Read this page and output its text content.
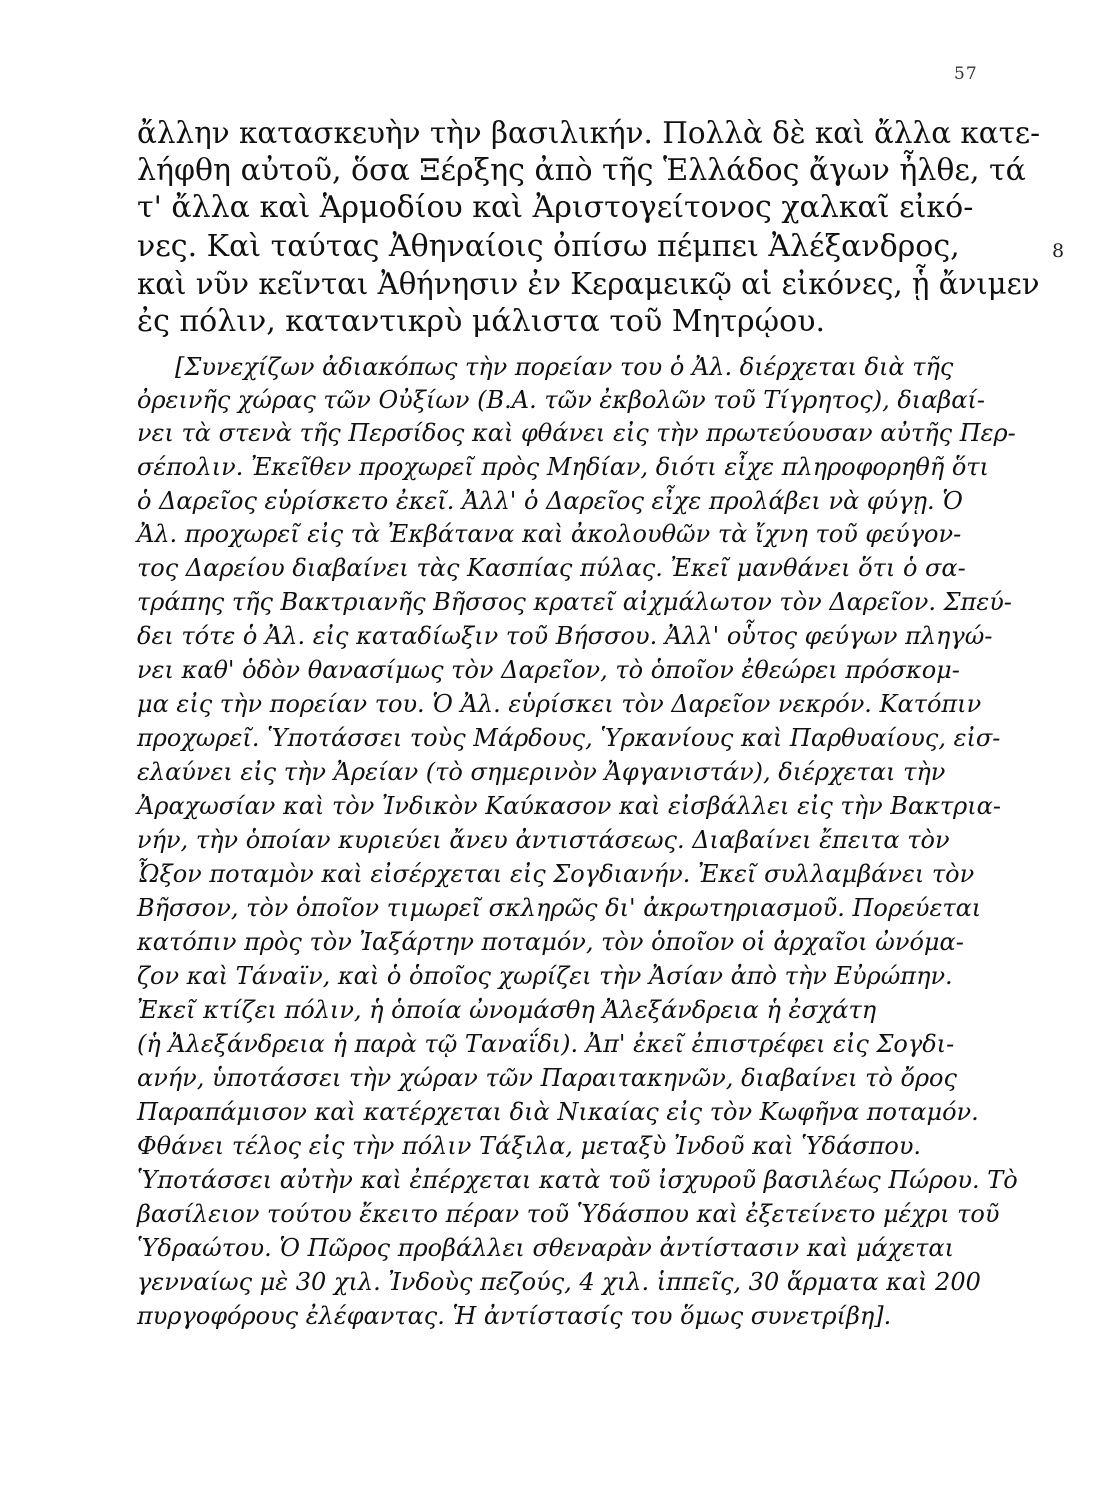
57
ἄλλην κατασκευὴν τὴν βασιλικήν. Πολλὰ δὲ καὶ ἄλλα κατε-
λήφθη αὐτοῦ, ὅσα Ξέρξης ἀπὸ τῆς Ἑλλάδος ἄγων ἦλθε, τά
τ' ἄλλα καὶ Ἁρμοδίου καὶ Ἀριστογείτονος χαλκαῖ εἰκό-
νες. Καὶ ταύτας Ἀθηναίοις ὀπίσω πέμπει Ἀλέξανδρος,
καὶ νῦν κεῖνται Ἀθήνησιν ἐν Κεραμεικῷ αἱ εἰκόνες, ᾗ ἄνιμεν
ἐς πόλιν, καταντικρὺ μάλιστα τοῦ Μητρῴου.
8
[Συνεχίζων ἀδιακόπως τὴν πορείαν του ὁ Ἀλ. διέρχεται διὰ τῆς
ὀρεινῆς χώρας τῶν Οὐξίων (Β.Α. τῶν ἐκβολῶν τοῦ Τίγρητος), διαβαί-
νει τὰ στενὰ τῆς Περσίδος καὶ φθάνει εἰς τὴν πρωτεύουσαν αὐτῆς Περ-
σέπολιν. Ἐκεῖθεν προχωρεῖ πρὸς Μηδίαν, διότι εἶχε πληροφορηθῆ ὅτι
ὁ Δαρεῖος εὑρίσκετο ἐκεῖ. Ἀλλ' ὁ Δαρεῖος εἶχε προλάβει νὰ φύγῃ. Ὁ
Ἀλ. προχωρεῖ εἰς τὰ Ἐκβάτανα καὶ ἀκολουθῶν τὰ ἴχνη τοῦ φεύγον-
τος Δαρείου διαβαίνει τὰς Κασπίας πύλας. Ἐκεῖ μανθάνει ὅτι ὁ σα-
τράπης τῆς Βακτριανῆς Βῆσσος κρατεῖ αἰχμάλωτον τὸν Δαρεῖον. Σπεύ-
δει τότε ὁ Ἀλ. εἰς καταδίωξιν τοῦ Βήσσου. Ἀλλ' οὗτος φεύγων πληγώ-
νει καθ' ὁδὸν θανασίμως τὸν Δαρεῖον, τὸ ὁποῖον ἐθεώρει πρόσκομ-
μα εἰς τὴν πορείαν του. Ὁ Ἀλ. εὑρίσκει τὸν Δαρεῖον νεκρόν. Κατόπιν
προχωρεῖ. Ὑποτάσσει τοὺς Μάρδους, Ὑρκανίους καὶ Παρθυαίους, εἰσ-
ελαύνει εἰς τὴν Ἀρείαν (τὸ σημερινὸν Ἀφγανιστάν), διέρχεται τὴν
Ἀραχωσίαν καὶ τὸν Ἰνδικὸν Καύκασον καὶ εἰσβάλλει εἰς τὴν Βακτρια-
νήν, τὴν ὁποίαν κυριεύει ἄνευ ἀντιστάσεως. Διαβαίνει ἔπειτα τὸν
Ὦξον ποταμὸν καὶ εἰσέρχεται εἰς Σογδιανήν. Ἐκεῖ συλλαμβάνει τὸν
Βῆσσον, τὸν ὁποῖον τιμωρεῖ σκληρῶς δι' ἀκρωτηριασμοῦ. Πορεύεται
κατόπιν πρὸς τὸν Ἰαξάρτην ποταμόν, τὸν ὁποῖον οἱ ἀρχαῖοι ὠνόμα-
ζον καὶ Τάναϊν, καὶ ὁ ὁποῖος χωρίζει τὴν Ἀσίαν ἀπὸ τὴν Εὐρώπην.
Ἐκεῖ κτίζει πόλιν, ἡ ὁποία ὠνομάσθη Ἀλεξάνδρεια ἡ ἐσχάτη
(ἡ Ἀλεξάνδρεια ἡ παρὰ τῷ Ταναΐδι). Ἀπ' ἐκεῖ ἐπιστρέφει εἰς Σογδι-
ανήν, ὑποτάσσει τὴν χώραν τῶν Παραιτακηνῶν, διαβαίνει τὸ ὄρος
Παραπάμισον καὶ κατέρχεται διὰ Νικαίας εἰς τὸν Κωφῆνα ποταμόν.
Φθάνει τέλος εἰς τὴν πόλιν Τάξιλα, μεταξὺ Ἰνδοῦ καὶ Ὑδάσπου.
Ὑποτάσσει αὐτὴν καὶ ἐπέρχεται κατὰ τοῦ ἰσχυροῦ βασιλέως Πώρου. Τὸ
βασίλειον τούτου ἔκειτο πέραν τοῦ Ὑδάσπου καὶ ἐξετείνετο μέχρι τοῦ
Ὑδραώτου. Ὁ Πῶρος προβάλλει σθεναρὰν ἀντίστασιν καὶ μάχεται
γενναίως μὲ 30 χιλ. Ἰνδοὺς πεζούς, 4 χιλ. ἱππεῖς, 30 ἅρματα καὶ 200
πυργοφόρους ἐλέφαντας. Ἡ ἀντίστασίς του ὅμως συνετρίβη].
